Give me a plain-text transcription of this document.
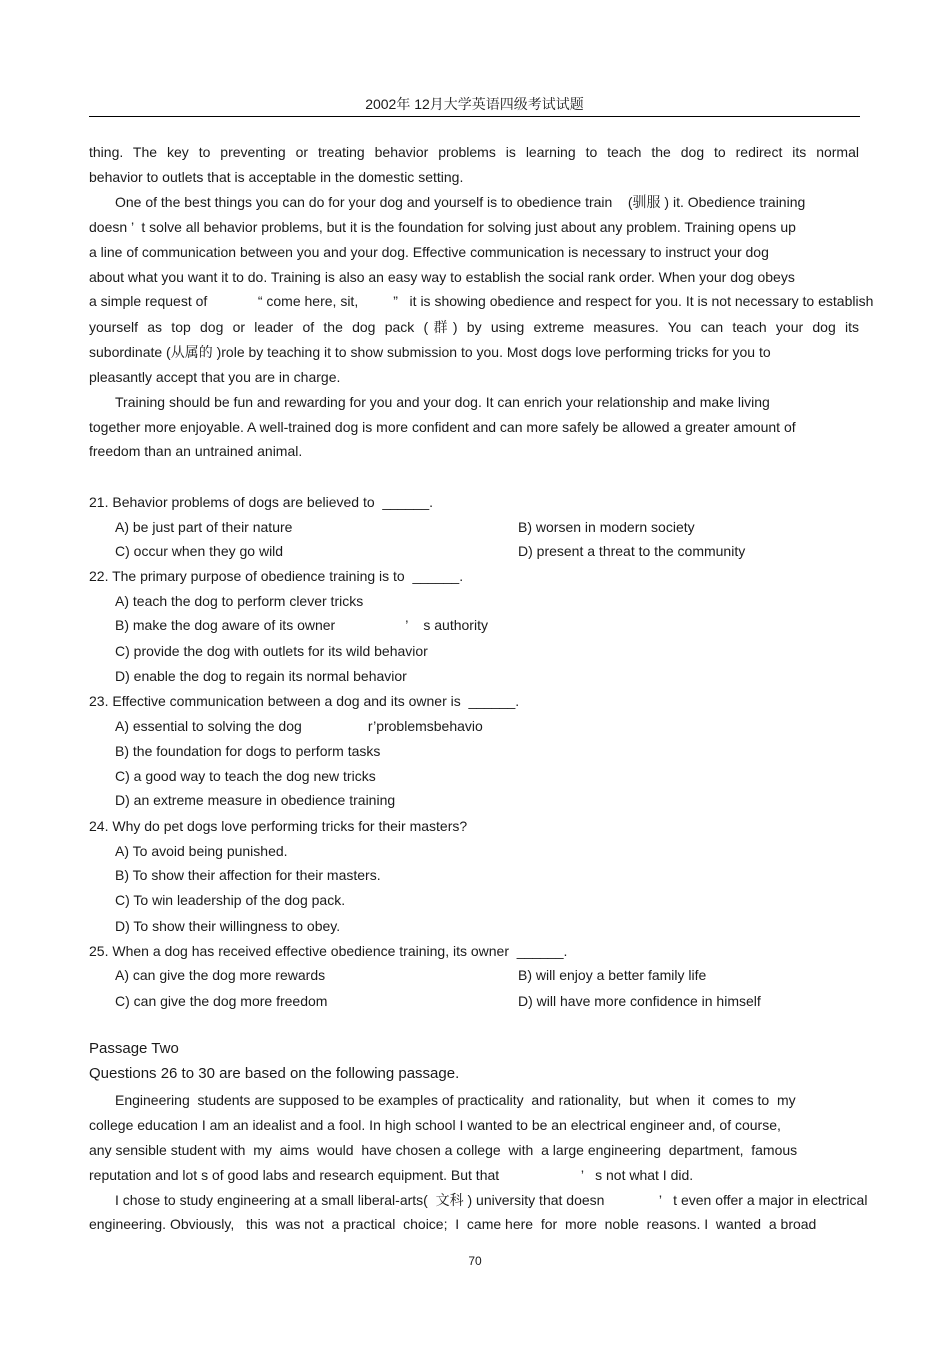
2002年 12月大学英语四级考试试题
thing. The key to preventing or treating behavior problems is learning to teach the dog to redirect its normal
behavior to outlets that is acceptable in the domestic setting.
One of the best things you can do for your dog and yourself is to obedience train    (驯服 ) it. Obedience training
doesn ’  t solve all behavior problems, but it is the foundation for solving just about any problem. Training opens up
a line of communication between you and your dog. Effective communication is necessary to instruct your dog
about what you want it to do. Training is also an easy way to establish the social rank order. When your dog obeys
a simple request of             “ come here, sit,         ”   it is showing obedience and respect for you. It is not necessary to establish
yourself as top dog or leader of the dog pack (群) by using extreme measures. You can teach your dog its
subordinate (从属的 )role by teaching it to show submission to you. Most dogs love performing tricks for you to
pleasantly accept that you are in charge.
Training should be fun and rewarding for you and your dog. It can enrich your relationship and make living
together more enjoyable. A well-trained dog is more confident and can more safely be allowed a greater amount of
freedom than an untrained animal.
21. Behavior problems of dogs are believed to  ______.
A) be just part of their nature	B) worsen in modern society
C) occur when they go wild	D) present a threat to the community
22. The primary purpose of obedience training is to  ______.
A) teach the dog to perform clever tricks
B) make the dog aware of its owner                  ’    s authority
C) provide the dog with outlets for its wild behavior
D) enable the dog to regain its normal behavior
23. Effective communication between a dog and its owner is  ______.
A) essential to solving the dog                 r’problemsbehavio
B) the foundation for dogs to perform tasks
C) a good way to teach the dog new tricks
D) an extreme measure in obedience training
24. Why do pet dogs love performing tricks for their masters?
A) To avoid being punished.
B) To show their affection for their masters.
C) To win leadership of the dog pack.
D) To show their willingness to obey.
25. When a dog has received effective obedience training, its owner  ______.
A) can give the dog more rewards	B) will enjoy a better family life
C) can give the dog more freedom	D) will have more confidence in himself
Passage Two
Questions 26 to 30 are based on the following passage.
Engineering  students are supposed to be examples of practicality  and rationality,  but  when  it  comes to  my
college education I am an idealist and a fool. In high school I wanted to be an electrical engineer and, of course,
any sensible student with  my  aims  would  have chosen a college  with  a large engineering  department,  famous
reputation and lot s of good labs and research equipment. But that                     ’   s not what I did.
I chose to study engineering at a small liberal-arts(  文科 ) university that doesn              ’   t even offer a major in electrical
engineering. Obviously,   this  was not  a practical  choice;  I  came here  for  more  noble  reasons. I  wanted  a broad
70
